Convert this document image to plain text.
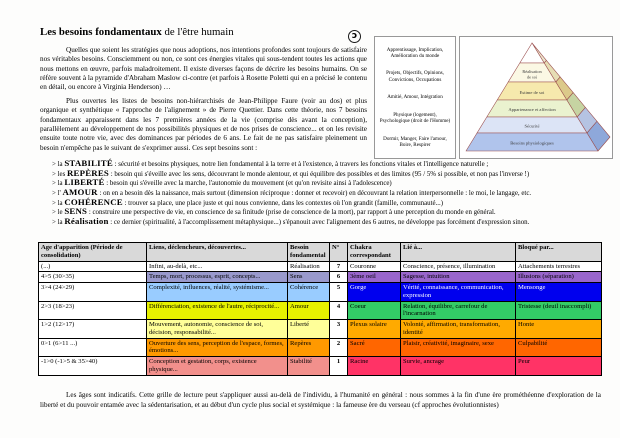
Les besoins fondamentaux de l'être humain	ɔ

Quelles que soient les stratégies que nous adoptions, nos intentions profondes sont toujours de satisfaire nos véritables besoins. Consciemment ou non, ce sont ces énergies vitales qui sous-tendent toutes les actions que nous mettons en œuvre, parfois maladroitement. Il existe diverses façons de décrire les besoins humains. On se réfère souvent à la pyramide d'Abraham Maslow ci-contre (et parfois à Rosette Poletti qui en a précisé le contenu en détail, ou encore à Virginia Henderson) …

Plus ouvertes les listes de besoins non-hiérarchisés de Jean-Philippe Faure (voir au dos) et plus organique et synthétique « l'approche de l'alignement » de Pierre Quettier. Dans cette théorie, nos 7 besoins fondamentaux apparaissent dans les 7 premières années de la vie (comprise dès avant la conception), parallèlement au développement de nos possibilités physiques et de nos prises de conscience... et on les revisite ensuite toute notre vie, avec des dominances par périodes de 6 ans. Le fait de ne pas satisfaire pleinement un besoin n'empêche pas le suivant de s'exprimer aussi. Ces sept besoins sont :

Apprentissage, Implication, Amélioration du monde
Projets, Objectifs, Opinions, Convictions, Occupations
Amitié, Amour, Intégration
Physique (logement), Psychologique (droit de l'Homme)
Dormir, Manger, Faire l'amour, Boire, Respirer
Réalisation
de soi
Estime de soi
Appartenance et affection
Sécurité
Besoins physiologiques
> la STABILITÉ : sécurité et besoins physiques, notre lien fondamental à la terre et à l'existence, à travers les fonctions vitales et l'intelligence naturelle ;
> les REPÈRES : besoin qui s'éveille avec les sens, découvrant le monde alentour, et qui équilibre des possibles et des limites (95 / 5% si possible, et non pas l'inverse !)
> la LIBERTÉ : besoin qui s'éveille avec la marche, l'autonomie du mouvement (et qu'on revisite ainsi à l'adolescence)
> l' AMOUR : on en a besoin dès la naissance, mais surtout (dimension réciproque : donner et recevoir) en découvrant la relation interpersonnelle : le moi, le langage, etc.
> la COHÉRENCE : trouver sa place, une place juste et qui nous convienne, dans les contextes où l'on grandit (famille, communauté...)
> le SENS : construire une perspective de vie, en conscience de sa finitude (prise de conscience de la mort), par rapport à une perception du monde en général.
> la Réalisation : ce dernier (spiritualité, à l'accomplissement métaphysique...) s'épanouit avec l'alignement des 6 autres, ne développe pas forcément d'expression sinon.
Age d'apparition (Période de consolidation)	Liens, déclencheurs, découvertes...	Besoin fondamental	N°	Chakra correspondant	Lié à...	Bloqué par...
(...)	Infini, au-delà, etc...	Réalisation	7	Couronne	Conscience, présence, illumination	Attachements terrestres
4>5 (30>35)	Temps, mort, processus, esprit, concepts...	Sens	6	3ème oeil	Sagesse, intuition	Illusions (séparation)
3>4 (24>29)	Complexité, influences, réalité, systémisme...	Cohérence	5	Gorge	Vérité, connaissance, communication, expression	Mensonge
2>3 (18>23)	Différenciation, existence de l'autre, réciprocité...	Amour	4	Coeur	Relation, équilibre, carrefour de l'incarnation	Tristesse (deuil inaccompli)
1>2 (12>17)	Mouvement, autonomie, conscience de soi, décision, responsabilité...	Liberté	3	Plexus solaire	Volonté, affirmation, transformation, identité	Honte
0>1 (6>11 ...)	Ouverture des sens, perception de l'espace, formes, émotions...	Repères	2	Sacré	Plaisir, créativité, imaginaire, sexe	Culpabilité
-1>0 (-1>5 & 35>40)	Conception et gestation, corps, existence physique...	Stabilité	1	Racine	Survie, ancrage	Peur

Les âges sont indicatifs. Cette grille de lecture peut s'appliquer aussi au-delà de l'individu, à l'humanité en général : nous sommes à la fin d'une ère prométhéenne d'exploration de la liberté et du pouvoir entamée avec la sédentarisation, et au début d'un cycle plus social et systémique : la fameuse ère du verseau (cf approches évolutionnistes)
